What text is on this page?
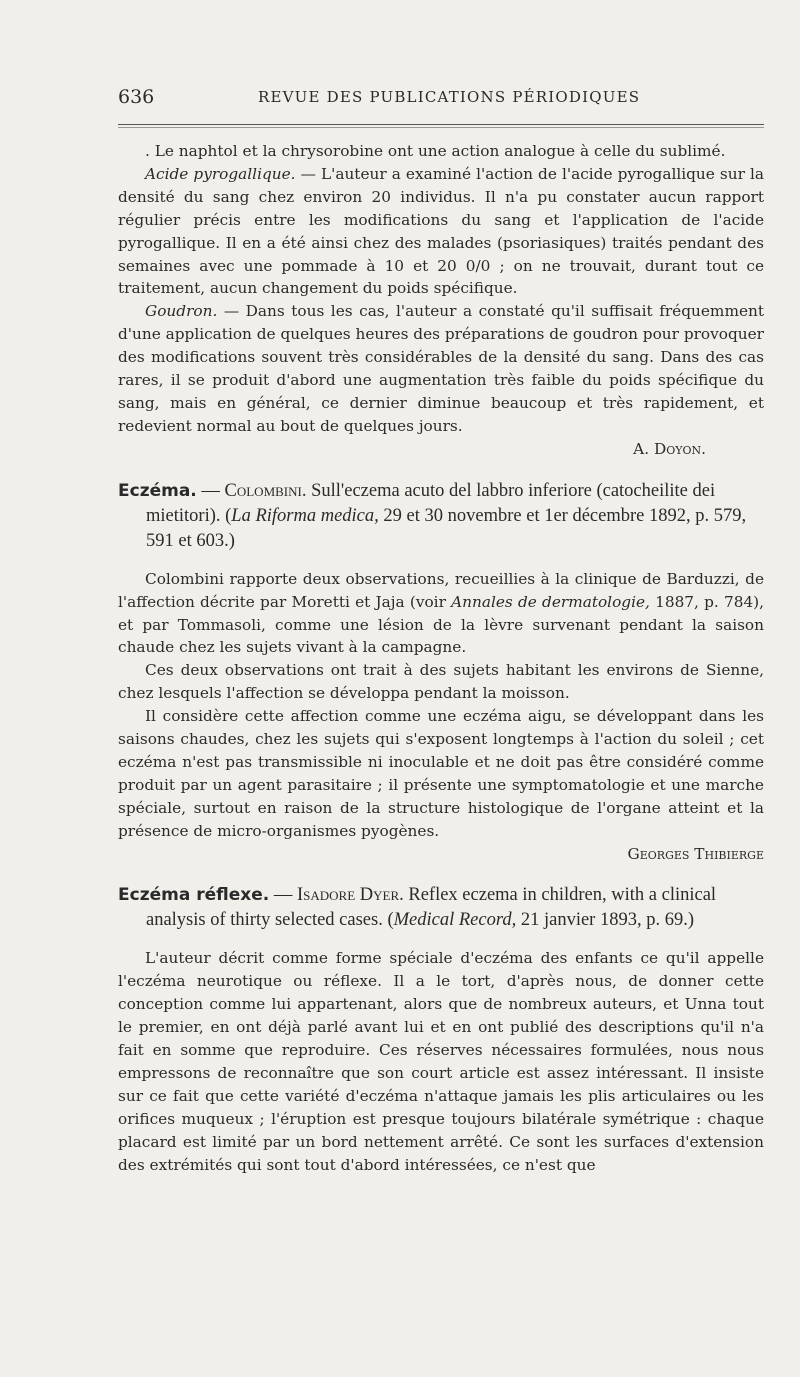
636	REVUE DES PUBLICATIONS PÉRIODIQUES

. Le naphtol et la chrysorobine ont une action analogue à celle du sublimé.

Acide pyrogallique. — L'auteur a examiné l'action de l'acide pyrogallique sur la densité du sang chez environ 20 individus. Il n'a pu constater aucun rapport régulier précis entre les modifications du sang et l'application de l'acide pyrogallique. Il en a été ainsi chez des malades (psoriasiques) traités pendant des semaines avec une pommade à 10 et 20 0/0 ; on ne trouvait, durant tout ce traitement, aucun changement du poids spécifique.

Goudron. — Dans tous les cas, l'auteur a constaté qu'il suffisait fréquemment d'une application de quelques heures des préparations de goudron pour provoquer des modifications souvent très considérables de la densité du sang. Dans des cas rares, il se produit d'abord une augmentation très faible du poids spécifique du sang, mais en général, ce dernier diminue beaucoup et très rapidement, et redevient normal au bout de quelques jours.

A. Doyon.

Eczéma. — Colombini. Sull'eczema acuto del labbro inferiore (catocheilite dei mietitori). (La Riforma medica, 29 et 30 novembre et 1er décembre 1892, p. 579, 591 et 603.)

Colombini rapporte deux observations, recueillies à la clinique de Barduzzi, de l'affection décrite par Moretti et Jaja (voir Annales de dermatologie, 1887, p. 784), et par Tommasoli, comme une lésion de la lèvre survenant pendant la saison chaude chez les sujets vivant à la campagne.

Ces deux observations ont trait à des sujets habitant les environs de Sienne, chez lesquels l'affection se développa pendant la moisson.

Il considère cette affection comme une eczéma aigu, se développant dans les saisons chaudes, chez les sujets qui s'exposent longtemps à l'action du soleil ; cet eczéma n'est pas transmissible ni inoculable et ne doit pas être considéré comme produit par un agent parasitaire ; il présente une symptomatologie et une marche spéciale, surtout en raison de la structure histologique de l'organe atteint et la présence de micro-organismes pyogènes.

Georges Thibierge

Eczéma réflexe. — Isadore Dyer. Reflex eczema in children, with a clinical analysis of thirty selected cases. (Medical Record, 21 janvier 1893, p. 69.)

L'auteur décrit comme forme spéciale d'eczéma des enfants ce qu'il appelle l'eczéma neurotique ou réflexe. Il a le tort, d'après nous, de donner cette conception comme lui appartenant, alors que de nombreux auteurs, et Unna tout le premier, en ont déjà parlé avant lui et en ont publié des descriptions qu'il n'a fait en somme que reproduire. Ces réserves nécessaires formulées, nous nous empressons de reconnaître que son court article est assez intéressant. Il insiste sur ce fait que cette variété d'eczéma n'attaque jamais les plis articulaires ou les orifices muqueux ; l'éruption est presque toujours bilatérale symétrique : chaque placard est limité par un bord nettement arrêté. Ce sont les surfaces d'extension des extrémités qui sont tout d'abord intéressées, ce n'est que
